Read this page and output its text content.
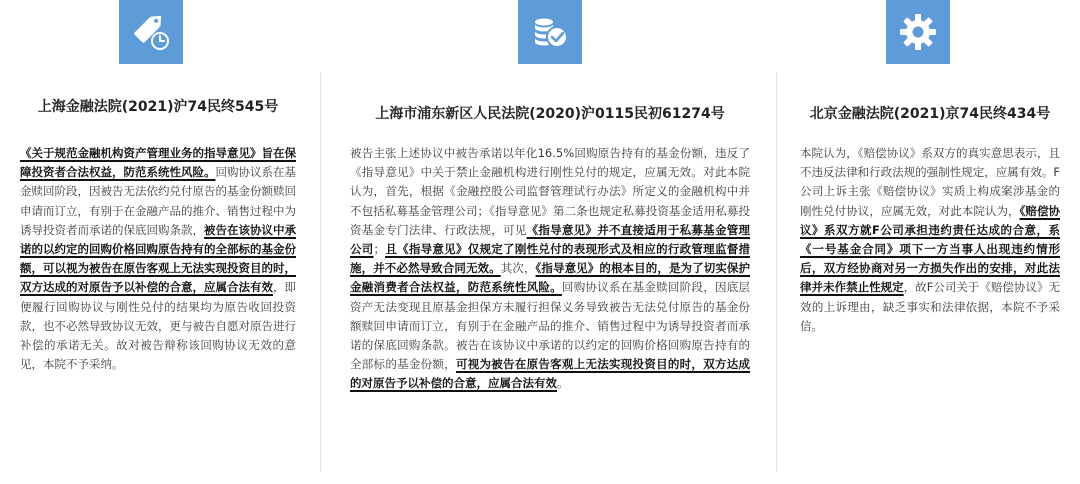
上海金融法院(2021)沪74民终545号
《关于规范金融机构资产管理业务的指导意见》旨在保障投资者合法权益，防范系统性风险。回购协议系在基金赎回阶段，因被告无法依约兑付原告的基金份额赎回申请而订立，有别于在金融产品的推介、销售过程中为诱导投资者而承诺的保底回购条款，被告在该协议中承诺的以约定的回购价格回购原告持有的全部标的基金份额，可以视为被告在原告客观上无法实现投资目的时，双方达成的对原告予以补偿的合意，应属合法有效，即便履行回购协议与刚性兑付的结果均为原告收回投资款，也不必然导致协议无效，更与被告自愿对原告进行补偿的承诺无关。故对被告辩称该回购协议无效的意见，本院不予采纳。
上海市浦东新区人民法院(2020)沪0115民初61274号
被告主张上述协议中被告承诺以年化16.5%回购原告持有的基金份额，违反了《指导意见》中关于禁止金融机构进行刚性兑付的规定，应属无效。对此本院认为，首先，根据《金融控股公司监督管理试行办法》所定义的金融机构中并不包括私募基金管理公司；《指导意见》第二条也规定私募投资基金适用私募投资基金专门法律、行政法规，可见《指导意见》并不直接适用于私募基金管理公司；且《指导意见》仅规定了刚性兑付的表现形式及相应的行政管理监督措施，并不必然导致合同无效。其次，《指导意见》的根本目的，是为了切实保护金融消费者合法权益，防范系统性风险。回购协议系在基金赎回阶段，因底层资产无法变现且原基金担保方未履行担保义务导致被告无法兑付原告的基金份额赎回申请而订立，有别于在金融产品的推介、销售过程中为诱导投资者而承诺的保底回购条款。被告在该协议中承诺的以约定的回购价格回购原告持有的全部标的基金份额，可视为被告在原告客观上无法实现投资目的时，双方达成的对原告予以补偿的合意，应属合法有效。
北京金融法院(2021)京74民终434号
本院认为，《赔偿协议》系双方的真实意思表示，且不违反法律和行政法规的强制性规定，应属有效。F公司上诉主张《赔偿协议》实质上构成案涉基金的刚性兑付协议，应属无效，对此本院认为，《赔偿协议》系双方就F公司承担违约责任达成的合意，系《一号基金合同》项下一方当事人出现违约情形后，双方经协商对另一方损失作出的安排，对此法律并未作禁止性规定，故F公司关于《赔偿协议》无效的上诉理由，缺乏事实和法律依据，本院不予采信。
